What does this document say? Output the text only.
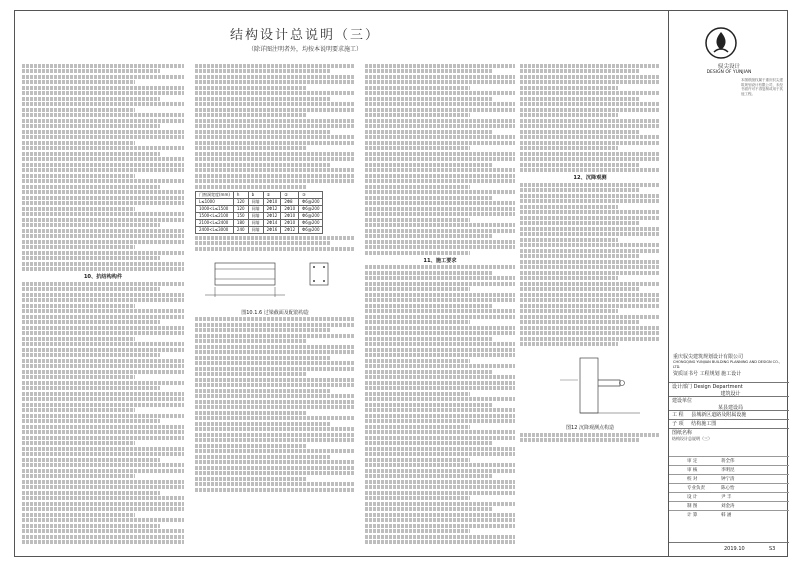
结构设计总说明（三）
（除详图注明者外，均按本说明要求施工）
10、抗结构构件
门窗洞宽度(mm)	h	b	①	②	③
L≤1000	120	同墙	2Φ10	2Φ8	Φ6@200
1000<L≤1500	120	同墙	2Φ12	2Φ10	Φ6@200
1500<L≤2100	150	同墙	2Φ12	2Φ10	Φ6@200
2100<L≤2400	180	同墙	2Φ14	2Φ10	Φ6@200
2400<L≤3000	240	同墙	2Φ16	2Φ12	Φ6@200
图10.1.6 过梁截面及配筋构造
11、施工要求
12、沉降观测
图12 沉降观测点构造
驭尖设计
DESIGN OF YUNJIAN
本图纸版权属于重庆驭尖建筑规划设计有限公司，未经书面许可不得复制或用于其他工程。
重庆驭尖建筑规划设计有限公司
CHONGQING YUNJIAN BUILDING PLANNING AND DESIGN CO., LTD.
资质证书号 工程规划 施工设计
设计部门 Design Department
建筑设计
建设单位
某县建设局
工 程 县城新区道路及附属设施
子 项 结构施工图
图纸名称
结构设计总说明（三）
审 定	蒋全伟
审 核	李明昆
校 对	钟宁清
专业负责	陈心怡
设 计	尹 丰
制 图	刘金涛
计 算	韩 涵
2019.10	S3
